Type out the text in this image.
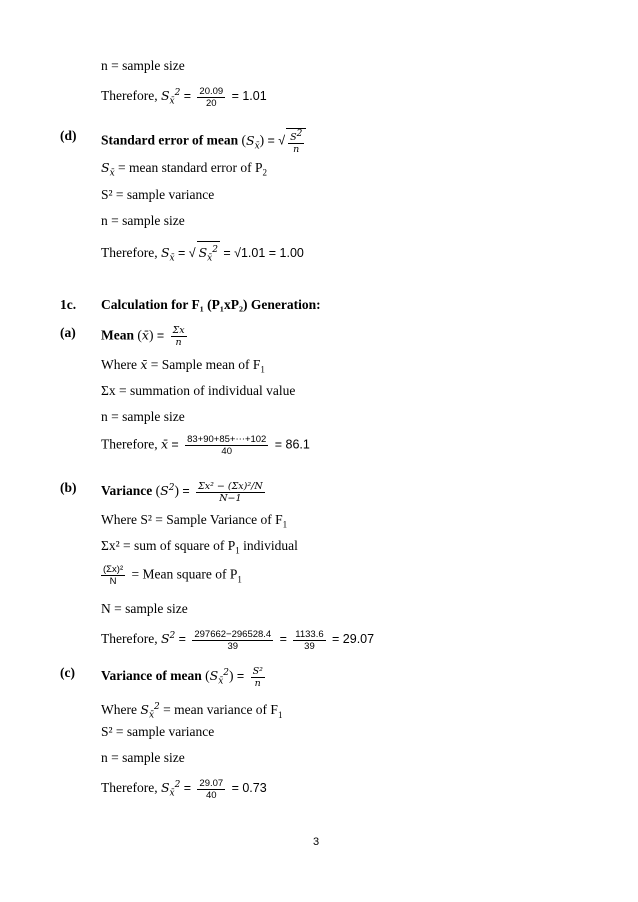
n = sample size
Therefore, $S_{x̄}^2 = \frac{20.09}{20} = 1.01$
(d) Standard error of mean $(S_{x̄})$ = √ $\frac{S^2}{n}$
$S_{x̄}$ = mean standard error of $P_2$
S² = sample variance
n = sample size
Therefore, $S_{x̄}$ = √ $S_{x̄}^2 = √1.01 = 1.00$
1c. Calculation for F₁ (P₁xP₂) Generation:
(a) Mean (x̄) = $\frac{\Sigma x}{n}$
Where x̄ = Sample mean of $F_1$
Σx = summation of individual value
n = sample size
Therefore, x̄ = $\frac{83+90+85+\cdots+102}{40} = 86.1$
(b) Variance $(S^2) = \frac{\text{Σx² − (Σx)²/N}}{N-1}$
Where S² = Sample Variance of $F_1$
Σx² = sum of square of $P_1$ individual
$\frac{\text{(Σx)²}}{N}$ = Mean square of $P_1$
N = sample size
Therefore, $S^2 = \frac{297662-296528.4}{39} = \frac{1133.6}{39} = 29.07$
(c) Variance of mean $(S_{x̄}^2) = \frac{\text{S²}}{n}$
Where $S_{x̄}^2$ = mean variance of $F_1$
S² = sample variance
n = sample size
Therefore, $S_{x̄}^2 = \frac{29.07}{40} = 0.73$
3
